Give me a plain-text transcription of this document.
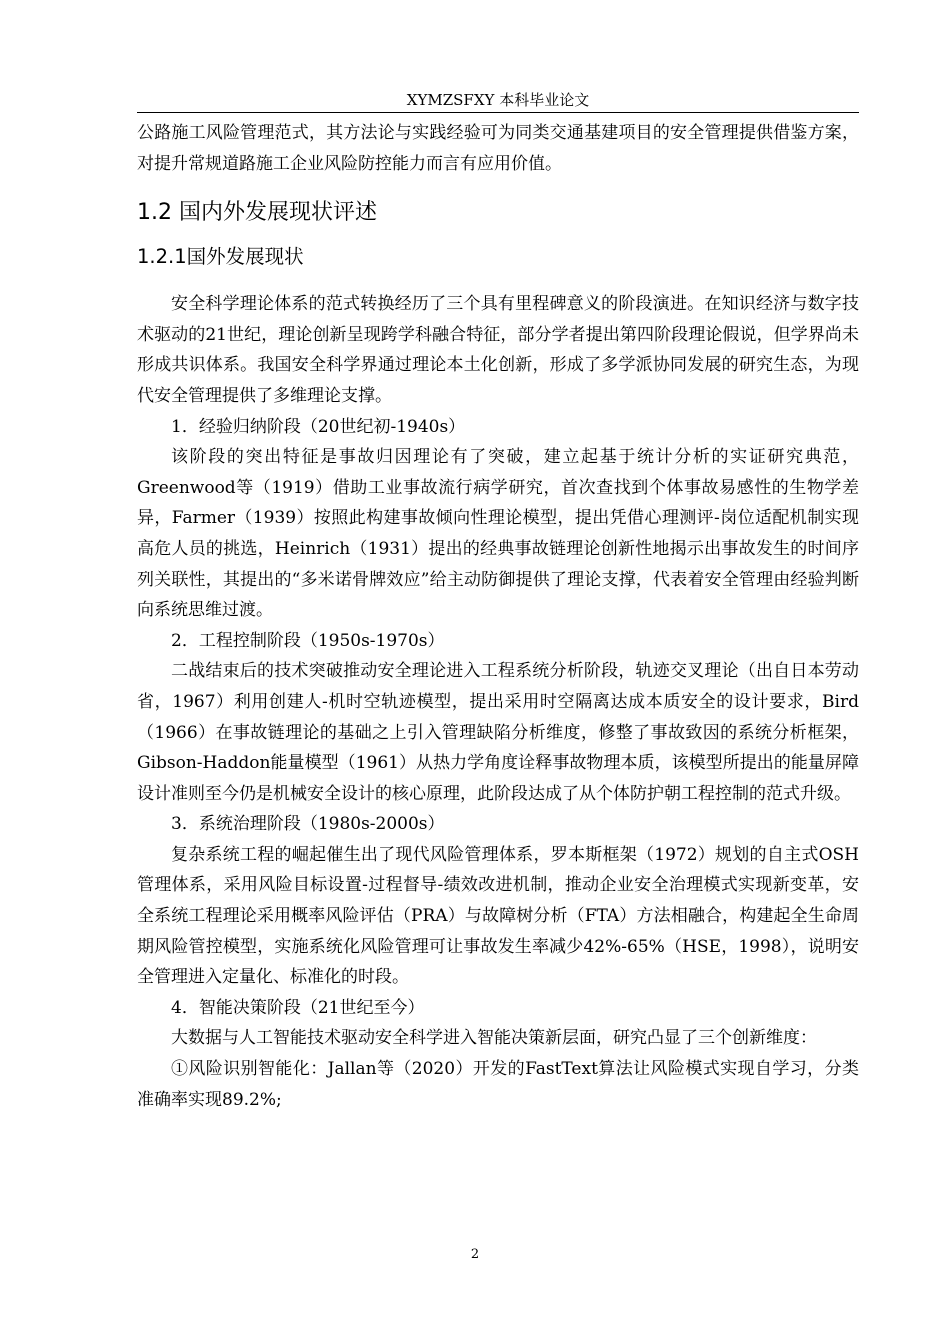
XYMZSFXY 本科毕业论文

公路施工风险管理范式，其方法论与实践经验可为同类交通基建项目的安全管理提供借鉴方案，对提升常规道路施工企业风险防控能力而言有应用价值。

1.2 国内外发展现状评述
1.2.1国外发展现状

安全科学理论体系的范式转换经历了三个具有里程碑意义的阶段演进。在知识经济与数字技术驱动的21世纪，理论创新呈现跨学科融合特征，部分学者提出第四阶段理论假说，但学界尚未形成共识体系。我国安全科学界通过理论本土化创新，形成了多学派协同发展的研究生态，为现代安全管理提供了多维理论支撑。

1．经验归纳阶段（20世纪初-1940s）

该阶段的突出特征是事故归因理论有了突破，建立起基于统计分析的实证研究典范，Greenwood等（1919）借助工业事故流行病学研究，首次查找到个体事故易感性的生物学差异，Farmer（1939）按照此构建事故倾向性理论模型，提出凭借心理测评-岗位适配机制实现高危人员的挑选，Heinrich（1931）提出的经典事故链理论创新性地揭示出事故发生的时间序列关联性，其提出的“多米诺骨牌效应”给主动防御提供了理论支撑，代表着安全管理由经验判断向系统思维过渡。

2．工程控制阶段（1950s-1970s）

二战结束后的技术突破推动安全理论进入工程系统分析阶段，轨迹交叉理论（出自日本劳动省，1967）利用创建人-机时空轨迹模型，提出采用时空隔离达成本质安全的设计要求，Bird（1966）在事故链理论的基础之上引入管理缺陷分析维度，修整了事故致因的系统分析框架，Gibson-Haddon能量模型（1961）从热力学角度诠释事故物理本质，该模型所提出的能量屏障设计准则至今仍是机械安全设计的核心原理，此阶段达成了从个体防护朝工程控制的范式升级。

3．系统治理阶段（1980s-2000s）

复杂系统工程的崛起催生出了现代风险管理体系，罗本斯框架（1972）规划的自主式OSH管理体系，采用风险目标设置-过程督导-绩效改进机制，推动企业安全治理模式实现新变革，安全系统工程理论采用概率风险评估（PRA）与故障树分析（FTA）方法相融合，构建起全生命周期风险管控模型，实施系统化风险管理可让事故发生率减少42%-65%（HSE，1998），说明安全管理进入定量化、标准化的时段。

4．智能决策阶段（21世纪至今）

大数据与人工智能技术驱动安全科学进入智能决策新层面，研究凸显了三个创新维度：

①风险识别智能化：Jallan等（2020）开发的FastText算法让风险模式实现自学习，分类准确率实现89.2%;

2
